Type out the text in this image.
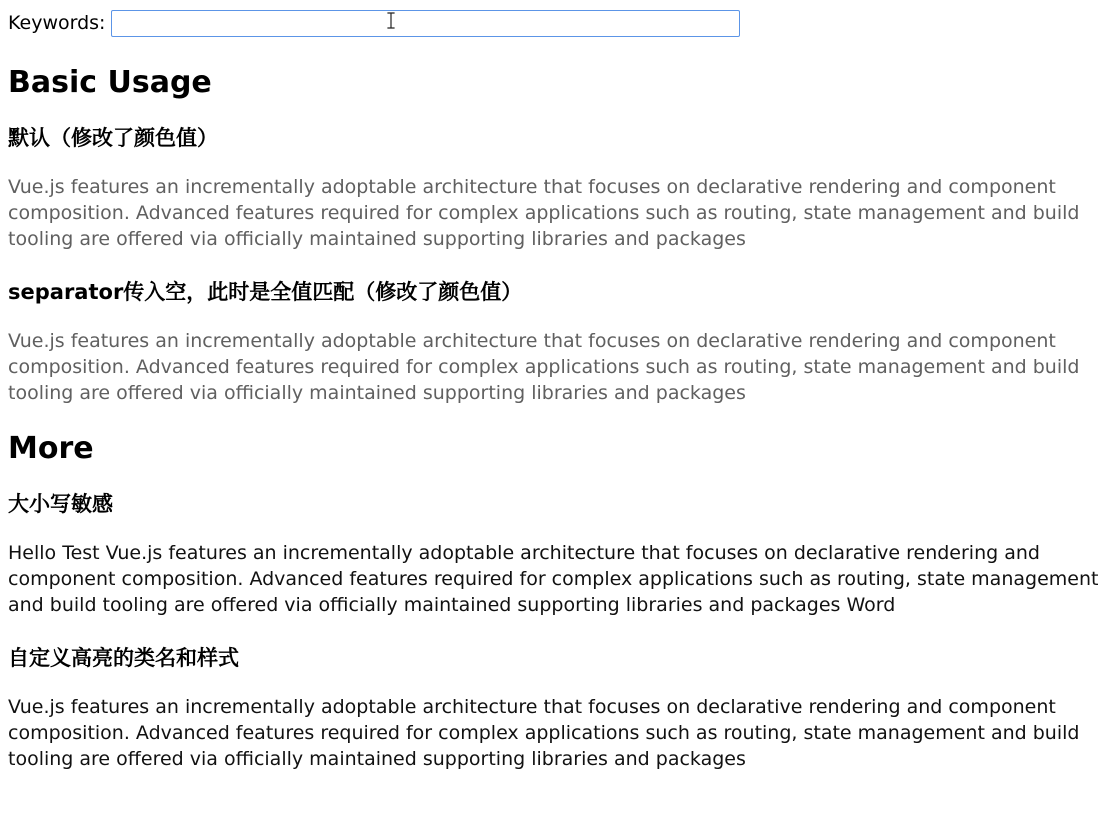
Keywords:
Basic Usage
默认（修改了颜色值）

Vue.js features an incrementally adoptable architecture that focuses on declarative rendering and component composition. Advanced features required for complex applications such as routing, state management and build tooling are offered via officially maintained supporting libraries and packages

separator传入空，此时是全值匹配（修改了颜色值）

Vue.js features an incrementally adoptable architecture that focuses on declarative rendering and component composition. Advanced features required for complex applications such as routing, state management and build tooling are offered via officially maintained supporting libraries and packages

More
大小写敏感

Hello Test Vue.js features an incrementally adoptable architecture that focuses on declarative rendering and component composition. Advanced features required for complex applications such as routing, state management and build tooling are offered via officially maintained supporting libraries and packages Word

自定义高亮的类名和样式

Vue.js features an incrementally adoptable architecture that focuses on declarative rendering and component composition. Advanced features required for complex applications such as routing, state management and build tooling are offered via officially maintained supporting libraries and packages
